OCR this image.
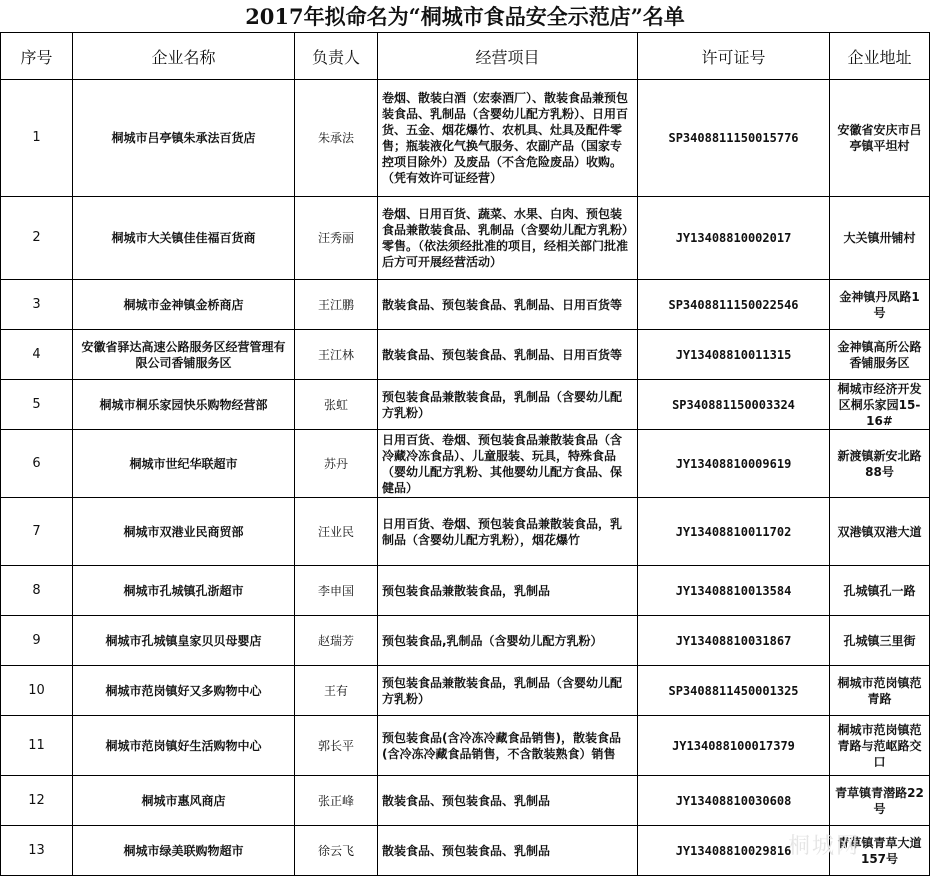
2017年拟命名为“桐城市食品安全示范店”名单
序号	企业名称	负责人	经营项目	许可证号	企业地址
1	桐城市吕亭镇朱承法百货店	朱承法	卷烟、散装白酒（宏泰酒厂）、散装食品兼预包装食品、乳制品（含婴幼儿配方乳粉）、日用百货、五金、烟花爆竹、农机具、灶具及配件零售；瓶装液化气换气服务、农副产品（国家专控项目除外）及废品（不含危险废品）收购。（凭有效许可证经营）	SP3408811150015776	安徽省安庆市吕亭镇平坦村
2	桐城市大关镇佳佳福百货商	汪秀丽	卷烟、日用百货、蔬菜、水果、白肉、预包装食品兼散装食品、乳制品（含婴幼儿配方乳粉）零售。（依法须经批准的项目，经相关部门批准后方可开展经营活动）	JY13408810002017	大关镇卅铺村
3	桐城市金神镇金桥商店	王江鹏	散装食品、预包装食品、乳制品、日用百货等	SP3408811150022546	金神镇丹凤路1号
4	安徽省驿达高速公路服务区经营管理有限公司香铺服务区	王江林	散装食品、预包装食品、乳制品、日用百货等	JY13408810011315	金神镇高所公路香铺服务区
5	桐城市桐乐家园快乐购物经营部	张虹	预包装食品兼散装食品，乳制品（含婴幼儿配方乳粉）	SP340881150003324	桐城市经济开发区桐乐家园15-16#
6	桐城市世纪华联超市	苏丹	日用百货、卷烟、预包装食品兼散装食品（含冷藏冷冻食品）、儿童服装、玩具，特殊食品（婴幼儿配方乳粉、其他婴幼儿配方食品、保健品）	JY13408810009619	新渡镇新安北路88号
7	桐城市双港业民商贸部	汪业民	日用百货、卷烟、预包装食品兼散装食品，乳制品（含婴幼儿配方乳粉），烟花爆竹	JY13408810011702	双港镇双港大道
8	桐城市孔城镇孔浙超市	李申国	预包装食品兼散装食品，乳制品	JY13408810013584	孔城镇孔一路
9	桐城市孔城镇皇家贝贝母婴店	赵瑞芳	预包装食品,乳制品（含婴幼儿配方乳粉）	JY13408810031867	孔城镇三里街
10	桐城市范岗镇好又多购物中心	王有	预包装食品兼散装食品，乳制品（含婴幼儿配方乳粉）	SP3408811450001325	桐城市范岗镇范青路
11	桐城市范岗镇好生活购物中心	郭长平	预包装食品(含冷冻冷藏食品销售)，散装食品(含冷冻冷藏食品销售，不含散装熟食）销售	JY134088100017379	桐城市范岗镇范青路与范岖路交口
12	桐城市惠风商店	张正峰	散装食品、预包装食品、乳制品	JY13408810030608	青草镇青潜路22号
13	桐城市绿美联购物超市	徐云飞	散装食品、预包装食品、乳制品	JY13408810029816	青草镇青草大道157号
桐城网
